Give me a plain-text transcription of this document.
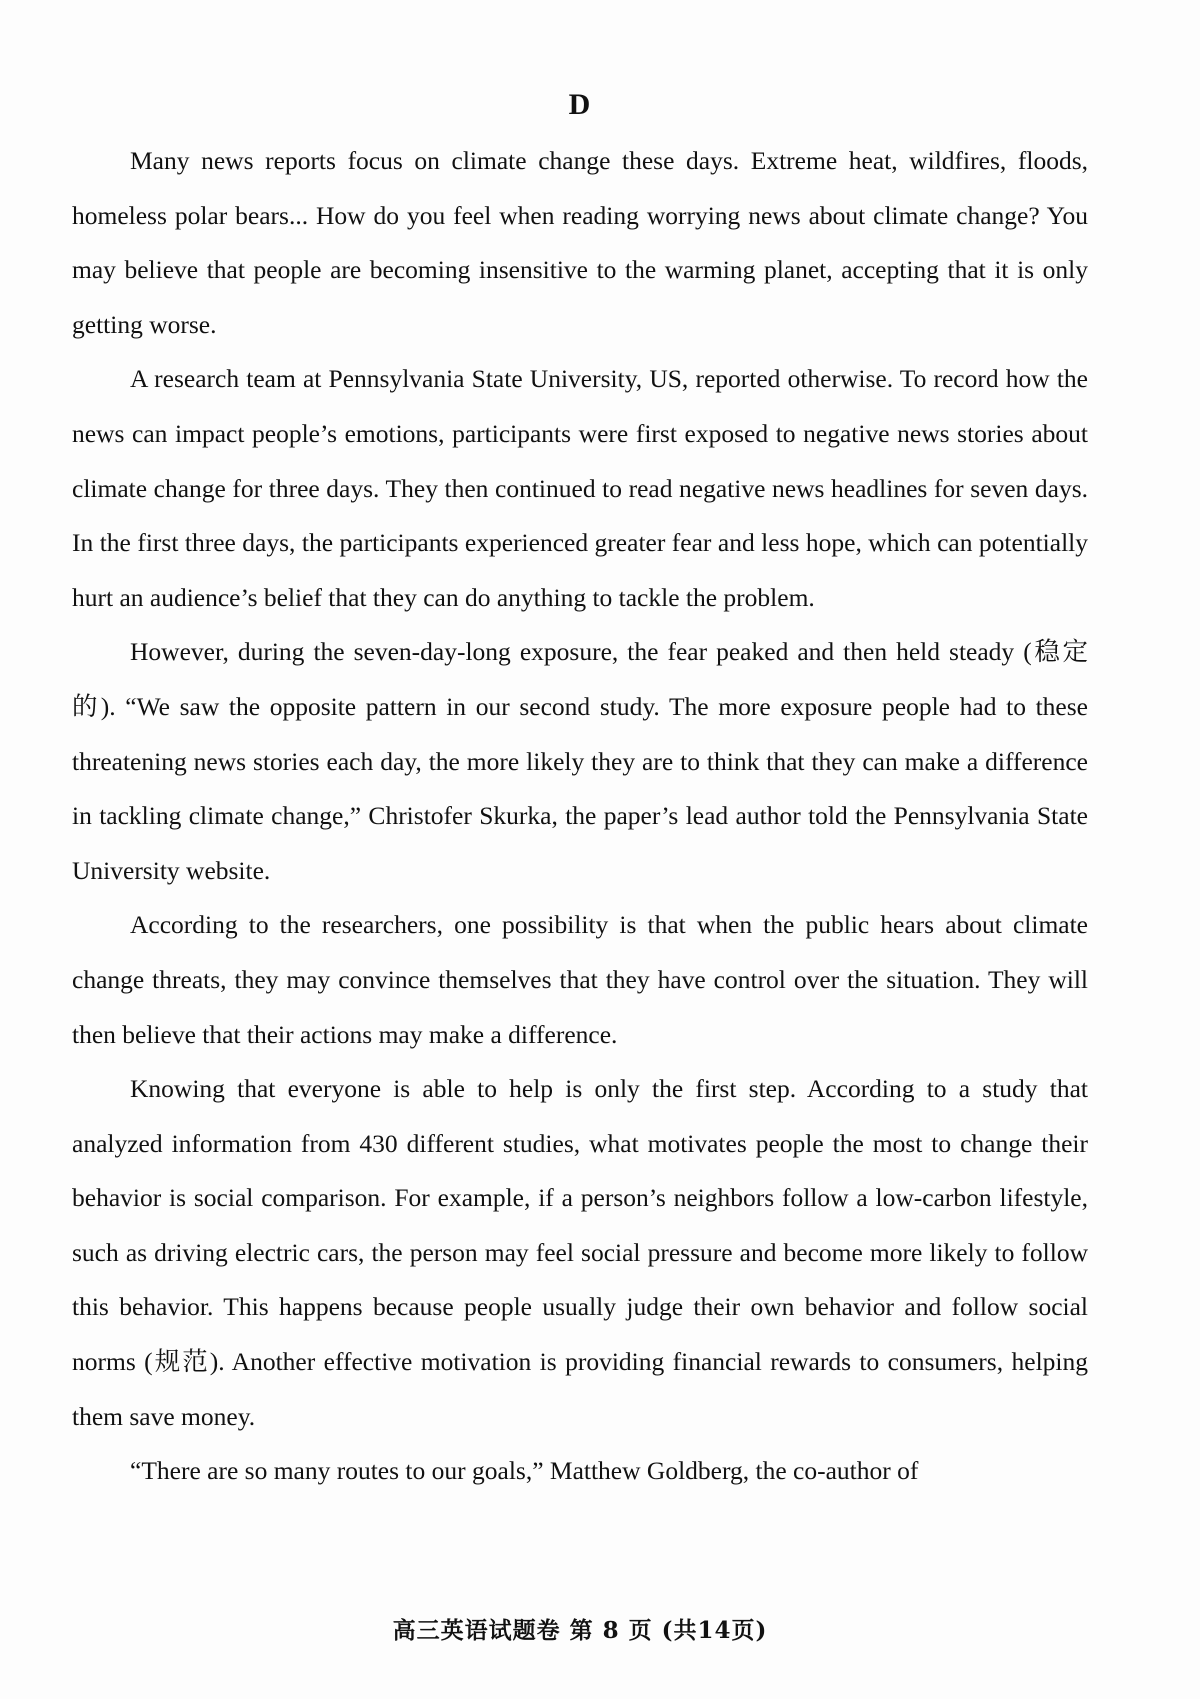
D

Many news reports focus on climate change these days. Extreme heat, wildfires, floods, homeless polar bears... How do you feel when reading worrying news about climate change? You may believe that people are becoming insensitive to the warming planet, accepting that it is only getting worse.

A research team at Pennsylvania State University, US, reported otherwise. To record how the news can impact people’s emotions, participants were first exposed to negative news stories about climate change for three days. They then continued to read negative news headlines for seven days. In the first three days, the participants experienced greater fear and less hope, which can potentially hurt an audience’s belief that they can do anything to tackle the problem.

However, during the seven-day-long exposure, the fear peaked and then held steady (稳定的). “We saw the opposite pattern in our second study. The more exposure people had to these threatening news stories each day, the more likely they are to think that they can make a difference in tackling climate change,” Christofer Skurka, the paper’s lead author told the Pennsylvania State University website.

According to the researchers, one possibility is that when the public hears about climate change threats, they may convince themselves that they have control over the situation. They will then believe that their actions may make a difference.

Knowing that everyone is able to help is only the first step. According to a study that analyzed information from 430 different studies, what motivates people the most to change their behavior is social comparison. For example, if a person’s neighbors follow a low-carbon lifestyle, such as driving electric cars, the person may feel social pressure and become more likely to follow this behavior. This happens because people usually judge their own behavior and follow social norms (规范). Another effective motivation is providing financial rewards to consumers, helping them save money.

“There are so many routes to our goals,” Matthew Goldberg, the co-author of

高三英语试题卷 第 8 页 (共14页)
